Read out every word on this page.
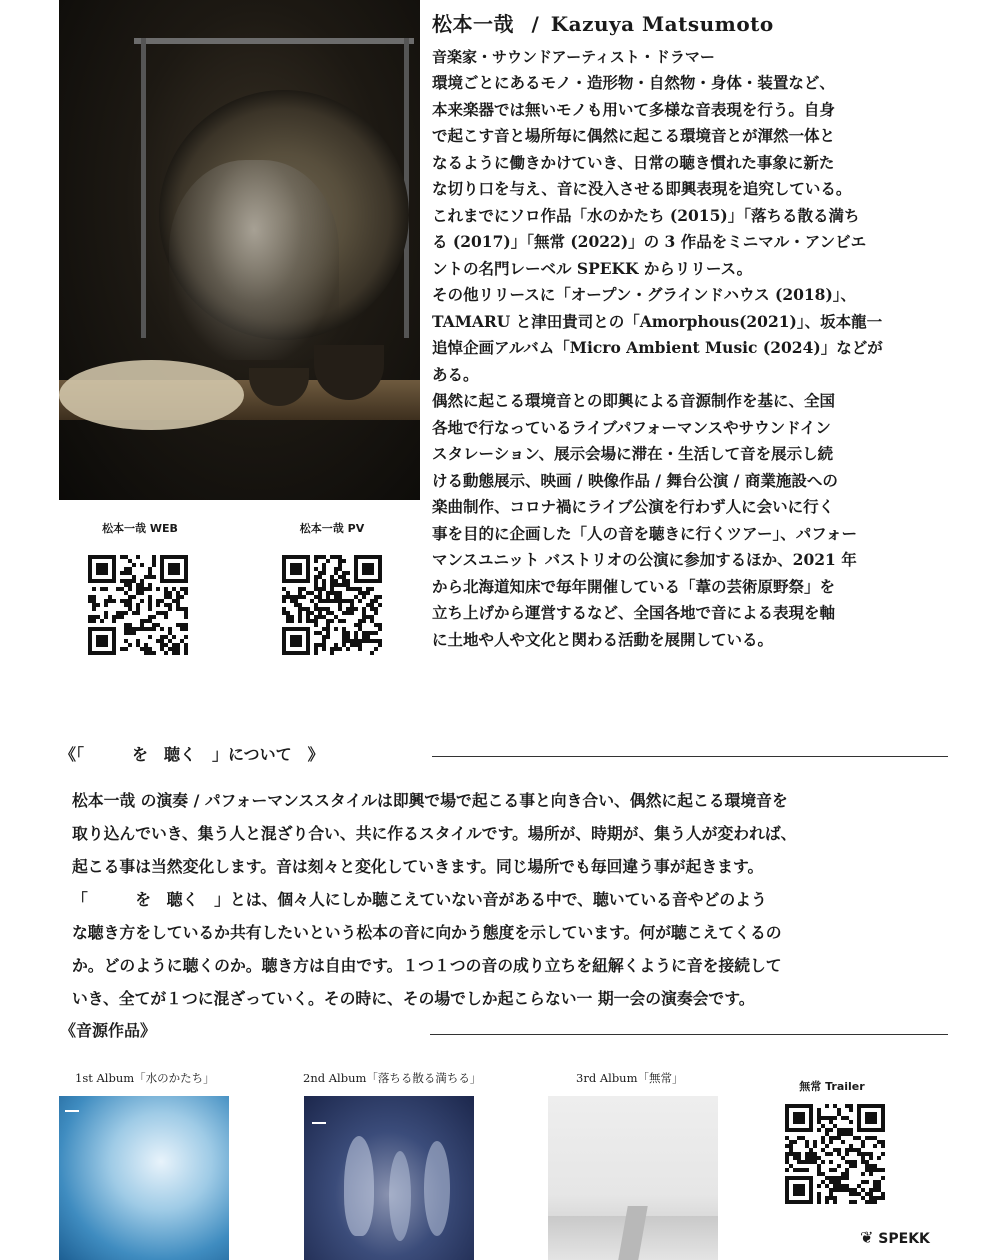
松本一哉 WEB	松本一哉 PV
松本一哉 / Kazuya Matsumoto
音楽家・サウンドアーティスト・ドラマー

環境ごとにあるモノ・造形物・自然物・身体・装置など、

本来楽器では無いモノも用いて多様な音表現を行う。自身

で起こす音と場所毎に偶然に起こる環境音とが渾然一体と

なるように働きかけていき、日常の聴き慣れた事象に新た

な切り口を与え、音に没入させる即興表現を追究している。

これまでにソロ作品「水のかたち (2015)」「落ちる散る満ち

る (2017)」「無常 (2022)」の 3 作品をミニマル・アンビエ

ントの名門レーベル SPEKK からリリース。

その他リリースに「オープン・グラインドハウス (2018)」、

TAMARU と津田貴司との「Amorphous(2021)」、坂本龍一

追悼企画アルバム「Micro Ambient Music (2024)」などが

ある。

偶然に起こる環境音との即興による音源制作を基に、全国

各地で行なっているライブパフォーマンスやサウンドイン

スタレーション、展示会場に滞在・生活して音を展示し続

ける動態展示、映画 / 映像作品 / 舞台公演 / 商業施設への

楽曲制作、コロナ禍にライブ公演を行わず人に会いに行く

事を目的に企画した「人の音を聴きに行くツアー」、パフォー

マンスユニット バストリオの公演に参加するほか、2021 年

から北海道知床で毎年開催している「葦の芸術原野祭」を

立ち上げから運営するなど、全国各地で音による表現を軸

に土地や人や文化と関わる活動を展開している。

《「　　　を　聴く　」について　》

松本一哉 の演奏 / パフォーマンススタイルは即興で場で起こる事と向き合い、偶然に起こる環境音を

取り込んでいき、集う人と混ざり合い、共に作るスタイルです。場所が、時期が、集う人が変われば、

起こる事は当然変化します。音は刻々と変化していきます。同じ場所でも毎回違う事が起きます。

「　　　を　聴く　」とは、個々人にしか聴こえていない音がある中で、聴いている音やどのよう

な聴き方をしているか共有したいという松本の音に向かう態度を示しています。何が聴こえてくるの

か。どのように聴くのか。聴き方は自由です。１つ１つの音の成り立ちを紐解くように音を接続して

いき、全てが１つに混ざっていく。その時に、その場でしか起こらない一 期一会の演奏会です。

《音源作品》
1st Album「水のかたち」	2nd Album「落ちる散る満ちる」	3rd Album「無常」
無常 Trailer
❦ SPEKK
